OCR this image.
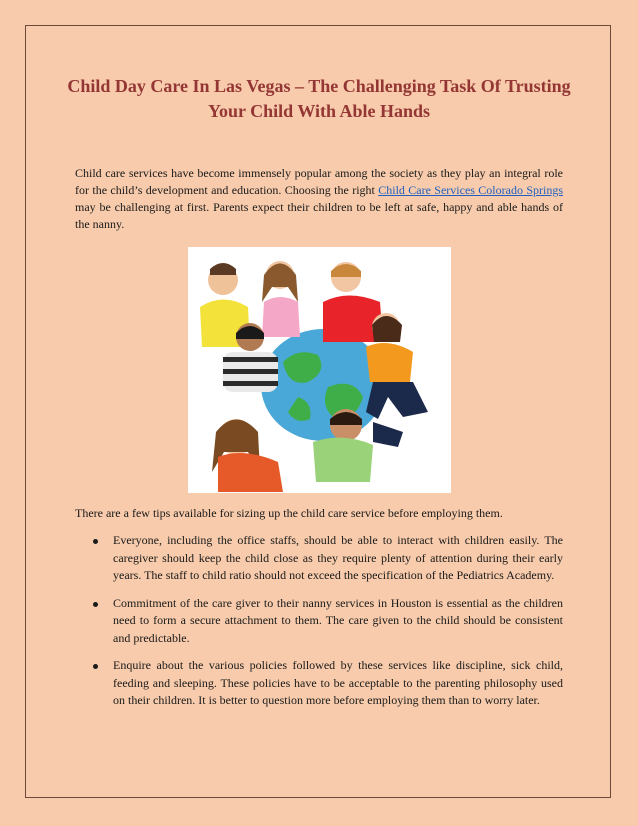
Child Day Care In Las Vegas – The Challenging Task Of Trusting Your Child With Able Hands

Child care services have become immensely popular among the society as they play an integral role for the child’s development and education. Choosing the right Child Care Services Colorado Springs may be challenging at first. Parents expect their children to be left at safe, happy and able hands of the nanny.

There are a few tips available for sizing up the child care service before employing them.

Everyone, including the office staffs, should be able to interact with children easily. The caregiver should keep the child close as they require plenty of attention during their early years. The staff to child ratio should not exceed the specification of the Pediatrics Academy.
Commitment of the care giver to their nanny services in Houston is essential as the children need to form a secure attachment to them. The care given to the child should be consistent and predictable.
Enquire about the various policies followed by these services like discipline, sick child, feeding and sleeping. These policies have to be acceptable to the parenting philosophy used on their children. It is better to question more before employing them than to worry later.
